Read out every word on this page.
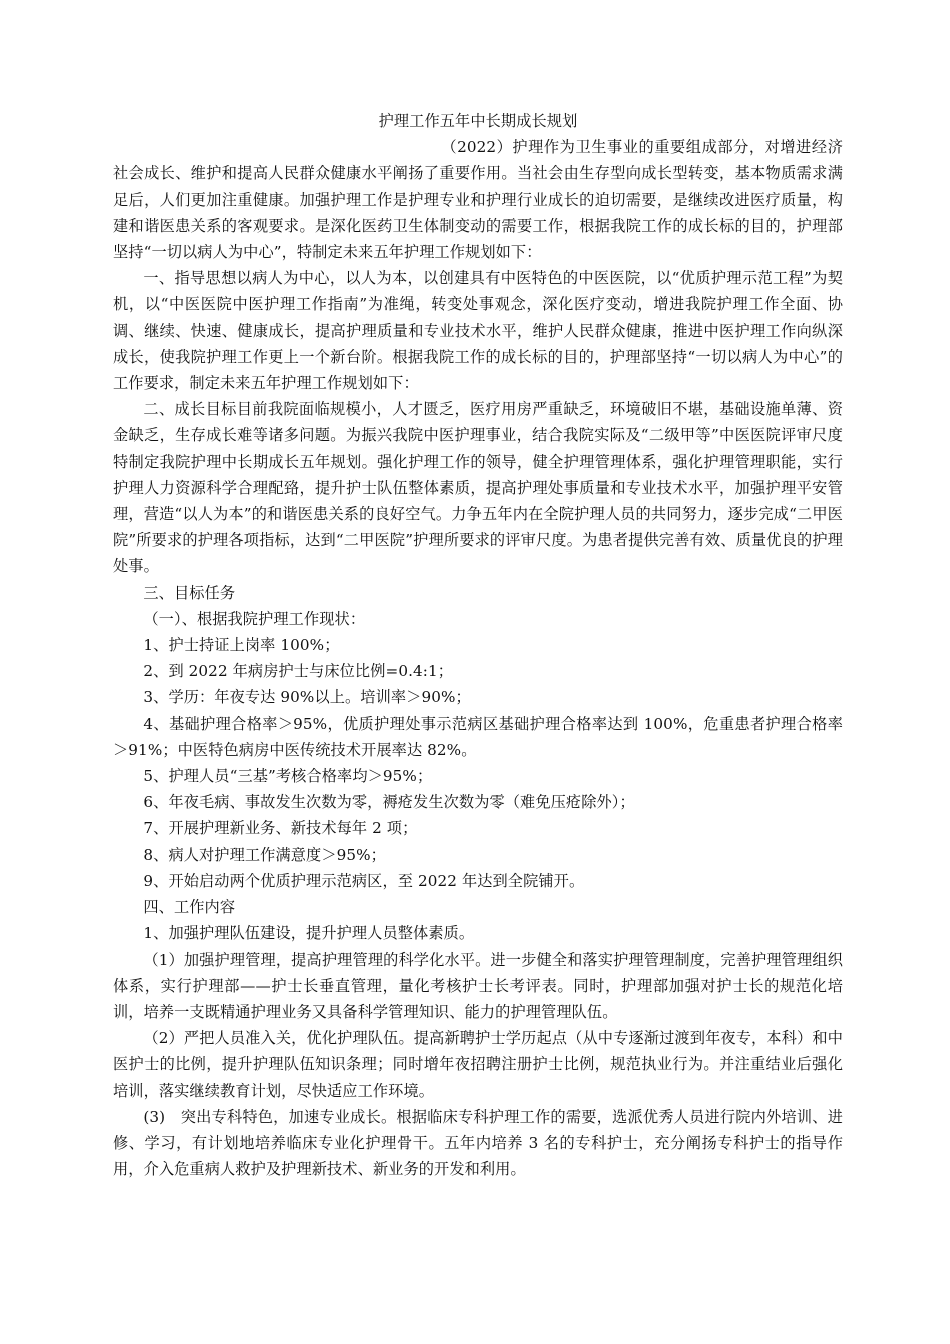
护理工作五年中长期成长规划

（2022）护理作为卫生事业的重要组成部分，对增进经济社会成长、维护和提高人民群众健康水平阐扬了重要作用。当社会由生存型向成长型转变，基本物质需求满足后，人们更加注重健康。加强护理工作是护理专业和护理行业成长的迫切需要，是继续改进医疗质量，构建和谐医患关系的客观要求。是深化医药卫生体制变动的需要工作，根据我院工作的成长标的目的，护理部坚持“一切以病人为中心”，特制定未来五年护理工作规划如下：

一、指导思想以病人为中心，以人为本，以创建具有中医特色的中医医院，以“优质护理示范工程”为契机，以“中医医院中医护理工作指南”为准绳，转变处事观念，深化医疗变动，增进我院护理工作全面、协调、继续、快速、健康成长，提高护理质量和专业技术水平，维护人民群众健康，推进中医护理工作向纵深成长，使我院护理工作更上一个新台阶。根据我院工作的成长标的目的，护理部坚持“一切以病人为中心”的工作要求，制定未来五年护理工作规划如下：

二、成长目标目前我院面临规模小，人才匮乏，医疗用房严重缺乏，环境破旧不堪，基础设施单薄、资金缺乏，生存成长难等诸多问题。为振兴我院中医护理事业，结合我院实际及“二级甲等”中医医院评审尺度特制定我院护理中长期成长五年规划。强化护理工作的领导，健全护理管理体系，强化护理管理职能，实行护理人力资源科学合理配臵，提升护士队伍整体素质，提高护理处事质量和专业技术水平，加强护理平安管理，营造“以人为本”的和谐医患关系的良好空气。力争五年内在全院护理人员的共同努力，逐步完成“二甲医院”所要求的护理各项指标，达到“二甲医院”护理所要求的评审尺度。为患者提供完善有效、质量优良的护理处事。

三、目标任务

（一）、根据我院护理工作现状：

1、护士持证上岗率 100%；

2、到 2022 年病房护士与床位比例=0.4:1；

3、学历：年夜专达 90%以上。培训率＞90%；

4、基础护理合格率＞95%，优质护理处事示范病区基础护理合格率达到 100%，危重患者护理合格率＞91%；中医特色病房中医传统技术开展率达 82%。

5、护理人员“三基”考核合格率均＞95%；

6、年夜毛病、事故发生次数为零，褥疮发生次数为零（难免压疮除外）；

7、开展护理新业务、新技术每年 2 项；

8、病人对护理工作满意度＞95%；

9、开始启动两个优质护理示范病区，至 2022 年达到全院铺开。

四、工作内容

1、加强护理队伍建设，提升护理人员整体素质。

（1）加强护理管理，提高护理管理的科学化水平。进一步健全和落实护理管理制度，完善护理管理组织体系，实行护理部——护士长垂直管理，量化考核护士长考评表。同时，护理部加强对护士长的规范化培训，培养一支既精通护理业务又具备科学管理知识、能力的护理管理队伍。

（2）严把人员准入关，优化护理队伍。提高新聘护士学历起点（从中专逐渐过渡到年夜专，本科）和中医护士的比例，提升护理队伍知识条理；同时增年夜招聘注册护士比例，规范执业行为。并注重结业后强化培训，落实继续教育计划，尽快适应工作环境。

(3)　突出专科特色，加速专业成长。根据临床专科护理工作的需要，选派优秀人员进行院内外培训、进修、学习，有计划地培养临床专业化护理骨干。五年内培养 3 名的专科护士，充分阐扬专科护士的指导作用，介入危重病人救护及护理新技术、新业务的开发和利用。
